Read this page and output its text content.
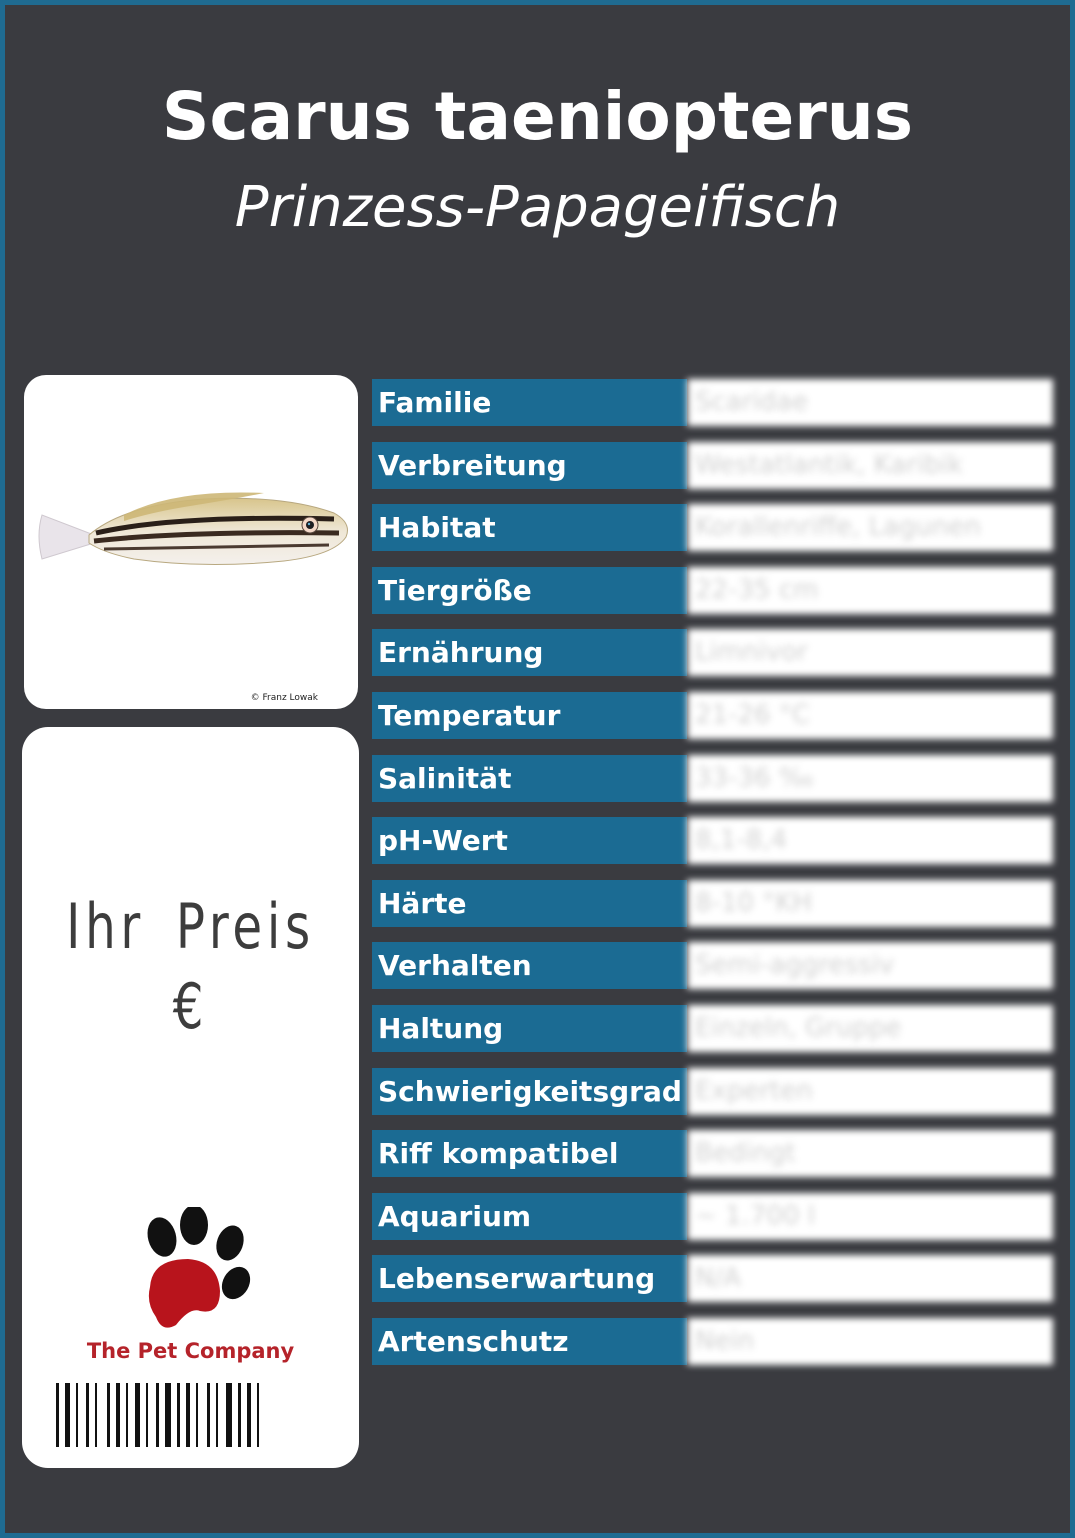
Scarus taeniopterus
Prinzess-Papageifisch
© Franz Lowak
Ihr Preis €
The Pet Company
Familie	Scaridae
Verbreitung	Westatlantik, Karibik
Habitat	Korallenriffe, Lagunen
Tiergröße	22-35 cm
Ernährung	Limnivor
Temperatur	21-26 °C
Salinität	33-36 ‰
pH-Wert	8,1-8,4
Härte	8-10 °KH
Verhalten	Semi-aggressiv
Haltung	Einzeln, Gruppe
Schwierigkeitsgrad Experten
Riff kompatibel	Bedingt
Aquarium	~ 1.700 l
Lebenserwartung	N/A
Artenschutz	Nein
